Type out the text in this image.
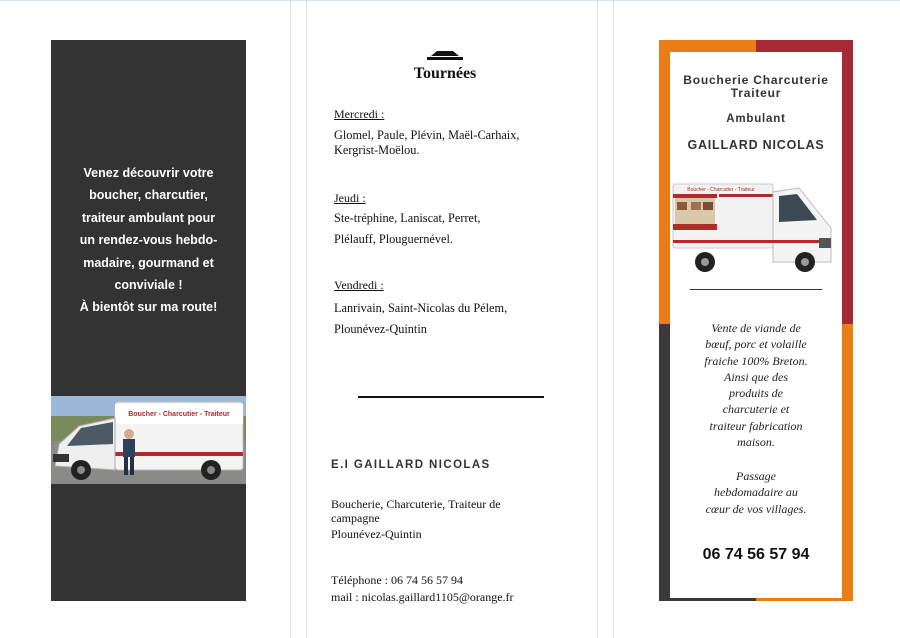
Venez découvrir votre
boucher, charcutier,
traiteur ambulant pour
un rendez-vous hebdo-
madaire, gourmand et
conviviale !
À bientôt sur ma route!
Boucher - Charcutier - Traiteur
Tournées
Mercredi :
Glomel, Paule, Plévin, Maël-Carhaix,
Kergrist-Moëlou.
Jeudi :
Ste-tréphine, Laniscat, Perret,
Plélauff, Plouguernével.
Vendredi :
Lanrivain, Saint-Nicolas du Pélem,
Plounévez-Quintin
E.I GAILLARD NICOLAS
Boucherie, Charcuterie, Traiteur de
campagne
Plounévez-Quintin
Téléphone : 06 74 56 57 94
mail : nicolas.gaillard1105@orange.fr
Boucherie Charcuterie
Traiteur
Ambulant
GAILLARD NICOLAS
Boucher - Charcutier - Traiteur
Vente de viande de
bœuf, porc et volaille
fraiche 100% Breton.
Ainsi que des
produits de
charcuterie et
traiteur fabrication
maison.
Passage
hebdomadaire au
cœur de vos villages.
06 74 56 57 94
